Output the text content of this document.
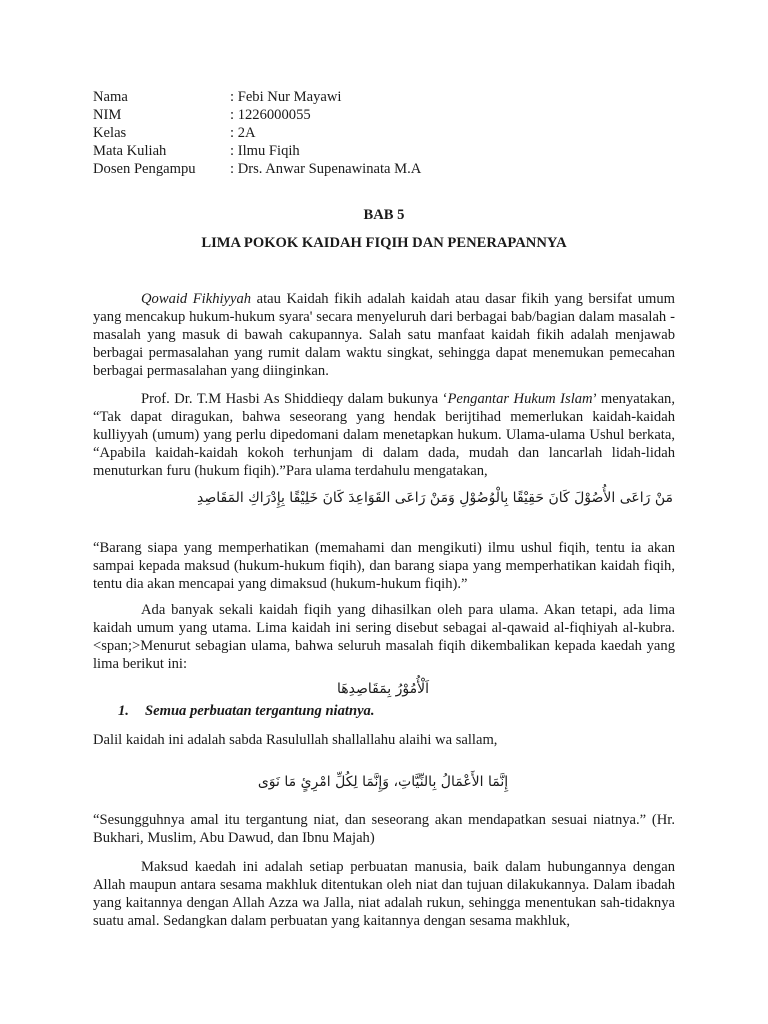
Nama	: Febi Nur Mayawi
NIM	: 1226000055
Kelas	: 2A
Mata Kuliah	: Ilmu Fiqih
Dosen Pengampu : Drs. Anwar Supenawinata M.A
BAB 5
LIMA POKOK KAIDAH FIQIH DAN PENERAPANNYA

Qowaid Fikhiyyah atau Kaidah fikih adalah kaidah atau dasar fikih yang bersifat umum yang mencakup hukum-hukum syara' secara menyeluruh dari berbagai bab/bagian dalam masalah - masalah yang masuk di bawah cakupannya. Salah satu manfaat kaidah fikih adalah menjawab berbagai permasalahan yang rumit dalam waktu singkat, sehingga dapat menemukan pemecahan berbagai permasalahan yang diinginkan.

Prof. Dr. T.M Hasbi As Shiddieqy dalam bukunya ‘Pengantar Hukum Islam’ menyatakan, “Tak dapat diragukan, bahwa seseorang yang hendak berijtihad memerlukan kaidah-kaidah kulliyyah (umum) yang perlu dipedomani dalam menetapkan hukum. Ulama-ulama Ushul berkata, “Apabila kaidah-kaidah kokoh terhunjam di dalam dada, mudah dan lancarlah lidah-lidah menuturkan furu (hukum fiqih).”Para ulama terdahulu mengatakan,

مَنْ رَاعَى الأُصُوْلَ كَانَ حَقِيْقًا بِالْوُصُوْلِ وَمَنْ رَاعَى القَوَاعِدَ كَانَ خَلِيْقًا بِإِدْرَاكِ المَقَاصِدِ

“Barang siapa yang memperhatikan (memahami dan mengikuti) ilmu ushul fiqih, tentu ia akan sampai kepada maksud (hukum-hukum fiqih), dan barang siapa yang memperhatikan kaidah fiqih, tentu dia akan mencapai yang dimaksud (hukum-hukum fiqih).”

Ada banyak sekali kaidah fiqih yang dihasilkan oleh para ulama. Akan tetapi, ada lima kaidah umum yang utama. Lima kaidah ini sering disebut sebagai al-qawaid al-fiqhiyah al-kubra. <span;>Menurut sebagian ulama, bahwa seluruh masalah fiqih dikembalikan kepada kaedah yang lima berikut ini:

اَلْأُمُوْرُ بِمَقَاصِدِهَا
1. Semua perbuatan tergantung niatnya.

Dalil kaidah ini adalah sabda Rasulullah shallallahu alaihi wa sallam,

إِنَّمَا الأَعْمَالُ بِالنِّيَّاتِ، وَإِنَّمَا لِكُلِّ امْرِئٍ مَا نَوَى

“Sesungguhnya amal itu tergantung niat, dan seseorang akan mendapatkan sesuai niatnya.” (Hr. Bukhari, Muslim, Abu Dawud, dan Ibnu Majah)

Maksud kaedah ini adalah setiap perbuatan manusia, baik dalam hubungannya dengan Allah maupun antara sesama makhluk ditentukan oleh niat dan tujuan dilakukannya. Dalam ibadah yang kaitannya dengan Allah Azza wa Jalla, niat adalah rukun, sehingga menentukan sah-tidaknya suatu amal. Sedangkan dalam perbuatan yang kaitannya dengan sesama makhluk,
